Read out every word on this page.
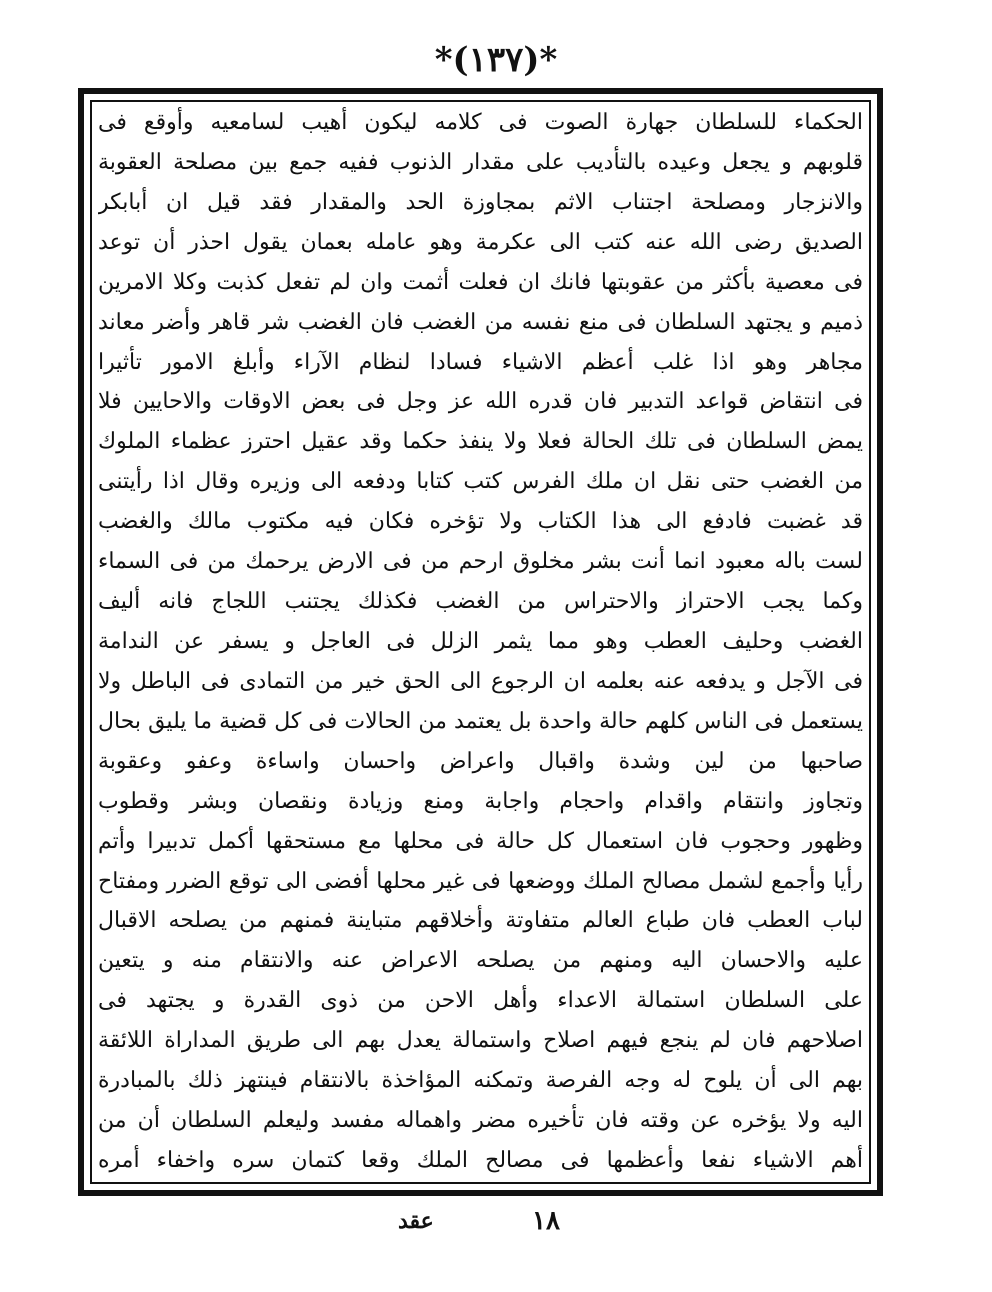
*(١٣٧)*
الحكماء للسلطان جهارة الصوت فى كلامه ليكون أهيب لسامعيه وأوقع فى
قلوبهم و يجعل وعيده بالتأديب على مقدار الذنوب ففيه جمع بين مصلحة العقوبة
والانزجار ومصلحة اجتناب الاثم بمجاوزة الحد والمقدار فقد قيل ان أبابكر
الصديق رضى الله عنه كتب الى عكرمة وهو عامله بعمان يقول احذر أن توعد
فى معصية بأكثر من عقوبتها فانك ان فعلت أثمت وان لم تفعل كذبت وكلا الامرين
ذميم و يجتهد السلطان فى منع نفسه من الغضب فان الغضب شر قاهر وأضر معاند
مجاهر وهو اذا غلب أعظم الاشياء فسادا لنظام الآراء وأبلغ الامور تأثيرا
فى انتقاض قواعد التدبير فان قدره الله عز وجل فى بعض الاوقات والاحايين فلا
يمض السلطان فى تلك الحالة فعلا ولا ينفذ حكما وقد عقيل احترز عظماء الملوك
من الغضب حتى نقل ان ملك الفرس كتب كتابا ودفعه الى وزيره وقال اذا رأيتنى
قد غضبت فادفع الى هذا الكتاب ولا تؤخره فكان فيه مكتوب مالك والغضب
لست باله معبود انما أنت بشر مخلوق ارحم من فى الارض يرحمك من فى السماء
وكما يجب الاحتراز والاحتراس من الغضب فكذلك يجتنب اللجاج فانه أليف
الغضب وحليف العطب وهو مما يثمر الزلل فى العاجل و يسفر عن الندامة
فى الآجل و يدفعه عنه بعلمه ان الرجوع الى الحق خير من التمادى فى الباطل ولا
يستعمل فى الناس كلهم حالة واحدة بل يعتمد من الحالات فى كل قضية ما يليق بحال
صاحبها من لين وشدة واقبال واعراض واحسان واساءة وعفو وعقوبة
وتجاوز وانتقام واقدام واحجام واجابة ومنع وزيادة ونقصان وبشر وقطوب
وظهور وحجوب فان استعمال كل حالة فى محلها مع مستحقها أكمل تدبيرا وأتم
رأيا وأجمع لشمل مصالح الملك ووضعها فى غير محلها أفضى الى توقع الضرر ومفتاح
لباب العطب فان طباع العالم متفاوتة وأخلاقهم متباينة فمنهم من يصلحه الاقبال
عليه والاحسان اليه ومنهم من يصلحه الاعراض عنه والانتقام منه و يتعين
على السلطان استمالة الاعداء وأهل الاحن من ذوى القدرة و يجتهد فى
اصلاحهم فان لم ينجع فيهم اصلاح واستمالة يعدل بهم الى طريق المداراة اللائقة
بهم الى أن يلوح له وجه الفرصة وتمكنه المؤاخذة بالانتقام فينتهز ذلك بالمبادرة
اليه ولا يؤخره عن وقته فان تأخيره مضر واهماله مفسد وليعلم السلطان أن من
أهم الاشياء نفعا وأعظمها فى مصالح الملك وقعا كتمان سره واخفاء أمره
عقد	١٨
